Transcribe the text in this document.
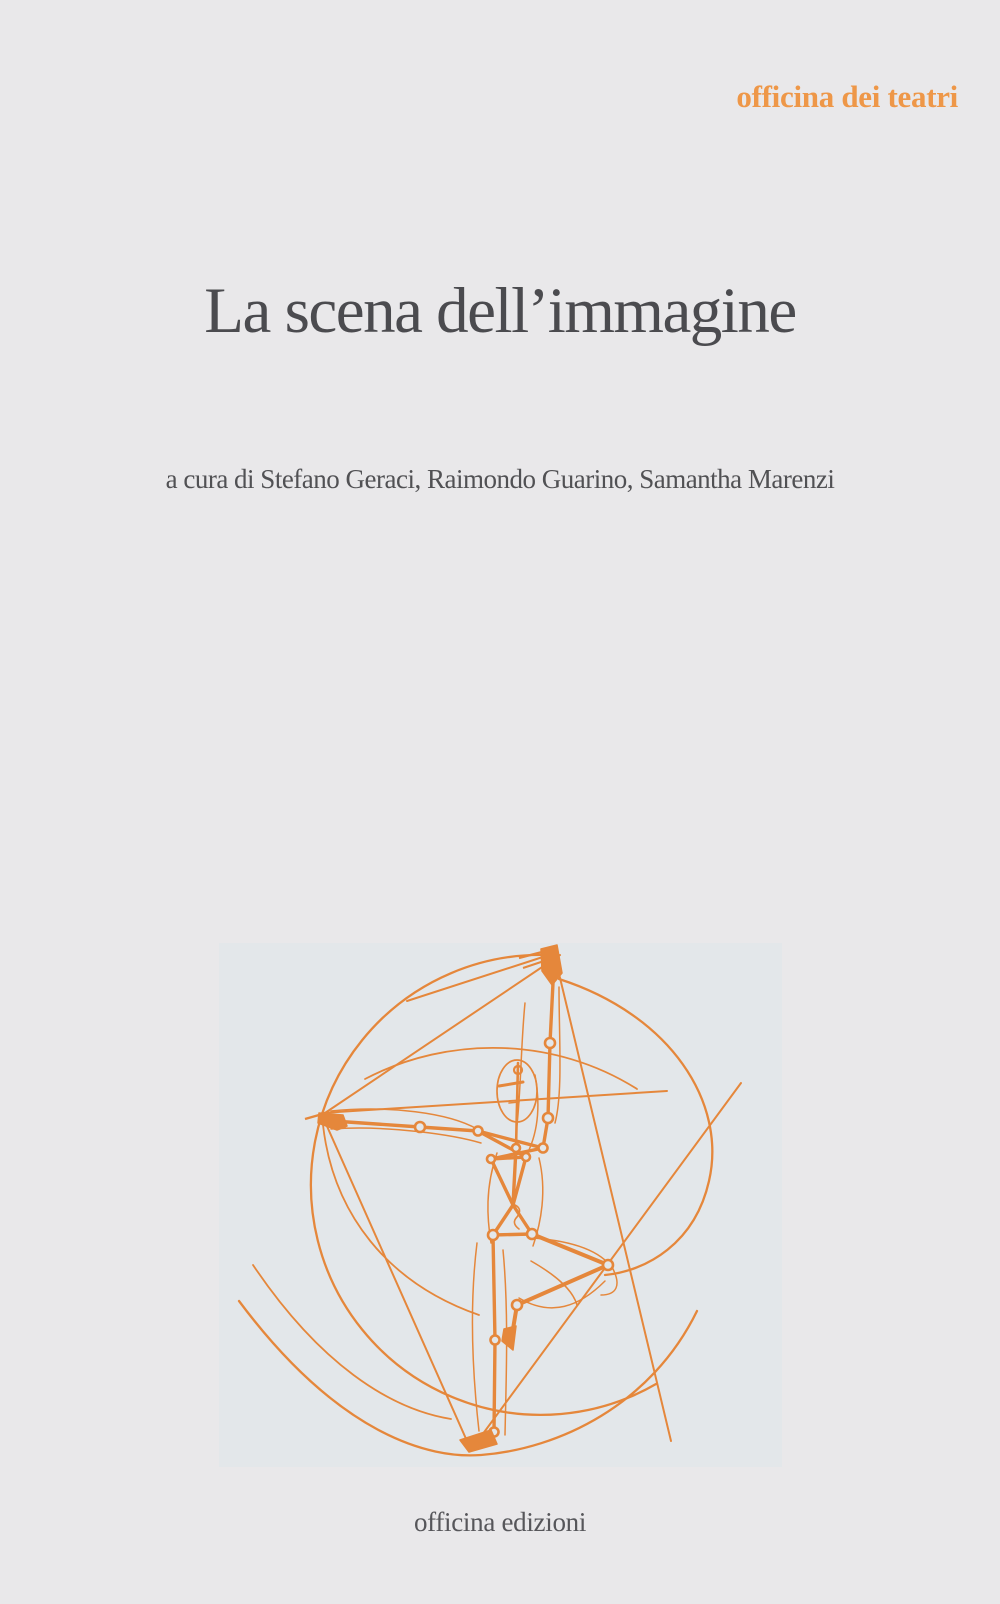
officina dei teatri
La scena dell’immagine
a cura di Stefano Geraci, Raimondo Guarino, Samantha Marenzi
officina edizioni
